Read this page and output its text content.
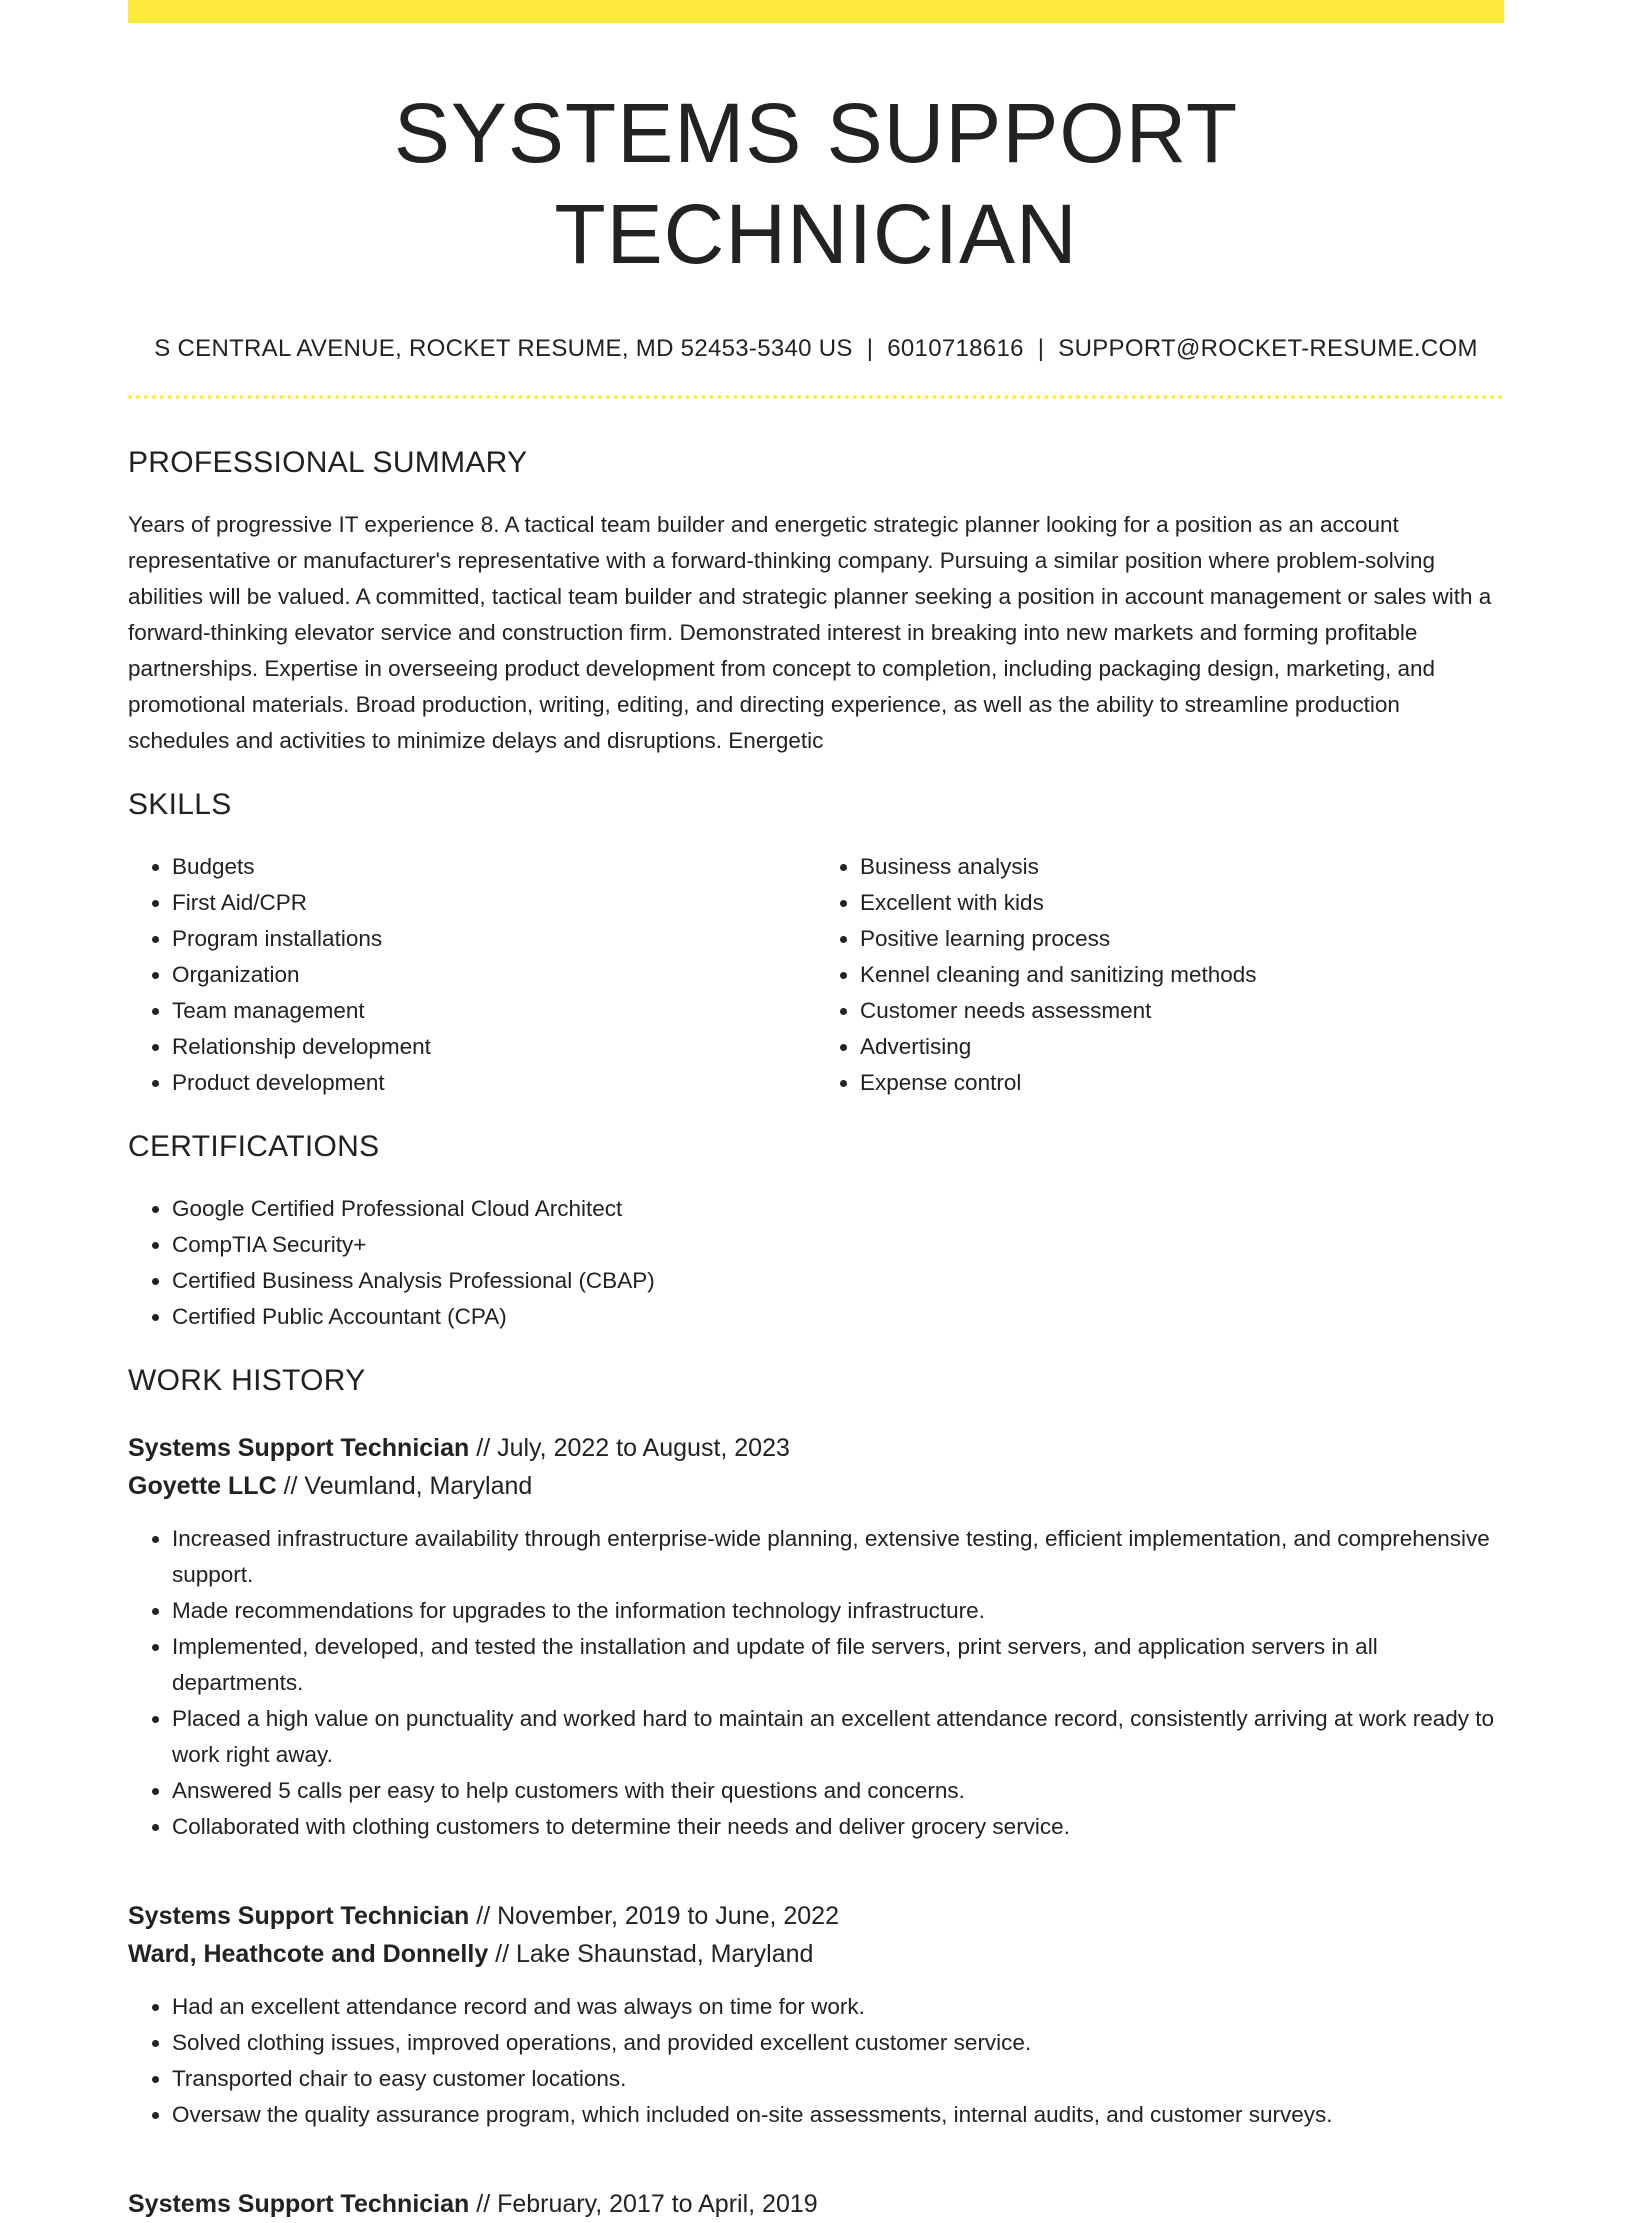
SYSTEMS SUPPORT TECHNICIAN
S CENTRAL AVENUE, ROCKET RESUME, MD 52453-5340 US | 6010718616 | SUPPORT@ROCKET-RESUME.COM
PROFESSIONAL SUMMARY

Years of progressive IT experience 8. A tactical team builder and energetic strategic planner looking for a position as an account representative or manufacturer's representative with a forward-thinking company. Pursuing a similar position where problem-solving abilities will be valued. A committed, tactical team builder and strategic planner seeking a position in account management or sales with a forward-thinking elevator service and construction firm. Demonstrated interest in breaking into new markets and forming profitable partnerships. Expertise in overseeing product development from concept to completion, including packaging design, marketing, and promotional materials. Broad production, writing, editing, and directing experience, as well as the ability to streamline production schedules and activities to minimize delays and disruptions. Energetic

SKILLS
• Budgets
• First Aid/CPR
• Program installations
• Organization
• Team management
• Relationship development
• Product development
• Business analysis
• Excellent with kids
• Positive learning process
• Kennel cleaning and sanitizing methods
• Customer needs assessment
• Advertising
• Expense control
CERTIFICATIONS
• Google Certified Professional Cloud Architect
• CompTIA Security+
• Certified Business Analysis Professional (CBAP)
• Certified Public Accountant (CPA)
WORK HISTORY
Systems Support Technician // July, 2022 to August, 2023
Goyette LLC // Veumland, Maryland
• Increased infrastructure availability through enterprise-wide planning, extensive testing, efficient implementation, and comprehensive support.
• Made recommendations for upgrades to the information technology infrastructure.
• Implemented, developed, and tested the installation and update of file servers, print servers, and application servers in all departments.
• Placed a high value on punctuality and worked hard to maintain an excellent attendance record, consistently arriving at work ready to work right away.
• Answered 5 calls per easy to help customers with their questions and concerns.
• Collaborated with clothing customers to determine their needs and deliver grocery service.
Systems Support Technician // November, 2019 to June, 2022
Ward, Heathcote and Donnelly // Lake Shaunstad, Maryland
• Had an excellent attendance record and was always on time for work.
• Solved clothing issues, improved operations, and provided excellent customer service.
• Transported chair to easy customer locations.
• Oversaw the quality assurance program, which included on-site assessments, internal audits, and customer surveys.
Systems Support Technician // February, 2017 to April, 2019
